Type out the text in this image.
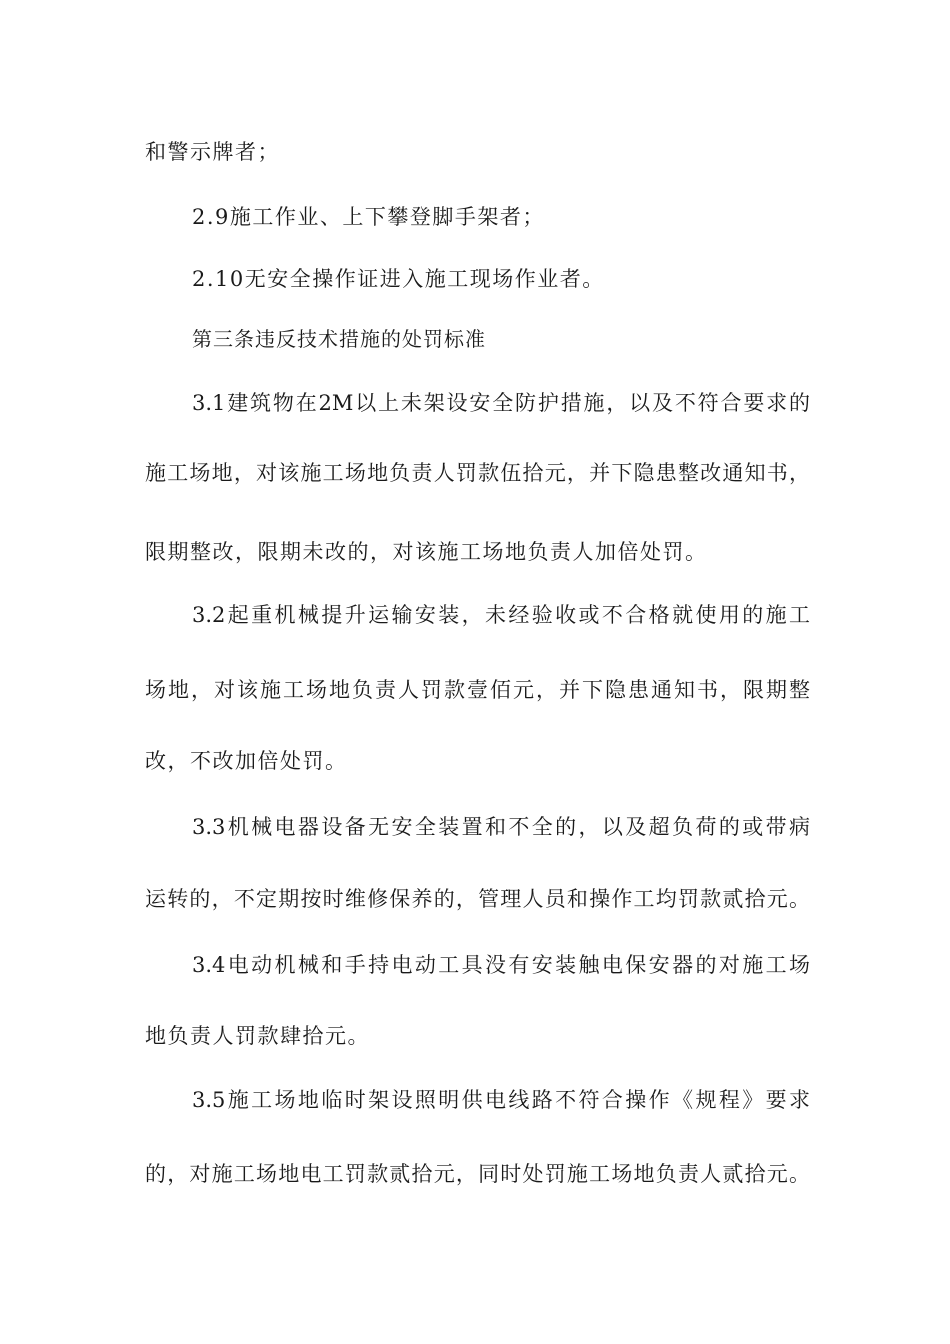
和警示牌者；
2.9施工作业、上下攀登脚手架者；
2.10无安全操作证进入施工现场作业者。
第三条违反技术措施的处罚标准
3.1建筑物在2M以上未架设安全防护措施，以及不符合要求的
施工场地，对该施工场地负责人罚款伍拾元，并下隐患整改通知书，
限期整改，限期未改的，对该施工场地负责人加倍处罚。
3.2起重机械提升运输安装，未经验收或不合格就使用的施工
场地，对该施工场地负责人罚款壹佰元，并下隐患通知书，限期整
改，不改加倍处罚。
3.3机械电器设备无安全装置和不全的，以及超负荷的或带病
运转的，不定期按时维修保养的，管理人员和操作工均罚款贰拾元。
3.4电动机械和手持电动工具没有安装触电保安器的对施工场
地负责人罚款肆拾元。
3.5施工场地临时架设照明供电线路不符合操作《规程》要求
的，对施工场地电工罚款贰拾元，同时处罚施工场地负责人贰拾元。
